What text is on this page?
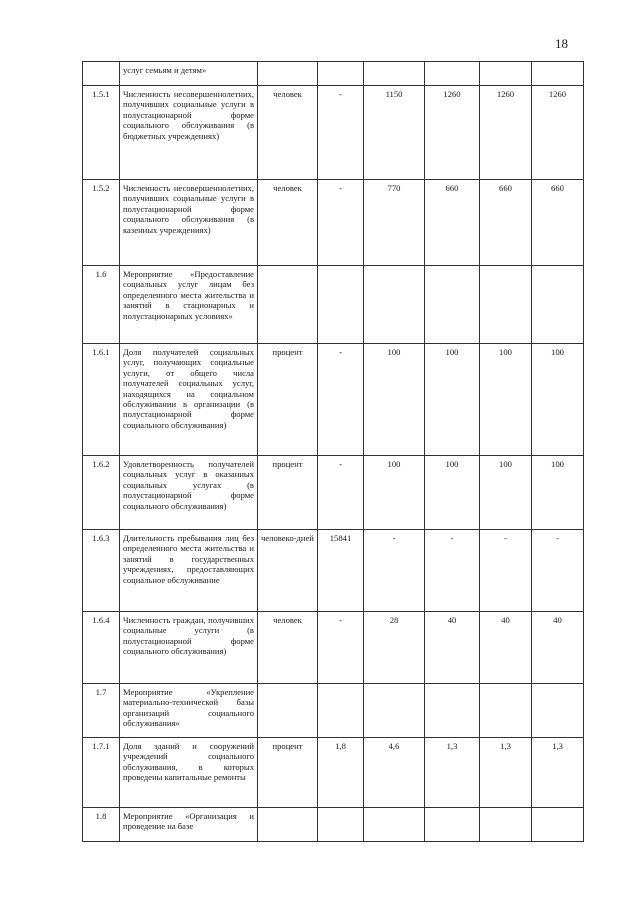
18
	услуг семьям и детям»						
1.5.1	Численность несовершеннолетних, получивших социальные услуги в полустационарной форме социального обслуживания (в бюджетных учреждениях)	человек	-	1150	1260	1260	1260
1.5.2	Численность несовершеннолетних, получивших социальные услуги в полустационарной форме социального обслуживания (в казенных учреждениях)	человек	-	770	660	660	660
1.6	Мероприятие «Предоставление социальных услуг лицам без определенного места жительства и занятий в стационарных и полустационарных условиях»						
1.6.1	Доля получателей социальных услуг, получающих социальные услуги, от общего числа получателей социальных услуг, находящихся на социальном обслуживании в организации (в полустационарной форме социального обслуживания)	процент	-	100	100	100	100
1.6.2	Удовлетворенность получателей социальных услуг в оказанных социальных услугах (в полустационарной форме социального обслуживания)	процент	-	100	100	100	100
1.6.3	Длительность пребывания лиц без определенного места жительства и занятий в государственных учреждениях, предоставляющих социальное обслуживание	человеко-дней	15841	-	-	-	-
1.6.4	Численность граждан, получивших социальные услуги (в полустационарной форме социального обслуживания)	человек	-	28	40	40	40
1.7	Мероприятие «Укрепление материально-технической базы организаций социального обслуживания»						
1.7.1	Доля зданий и сооружений учреждений социального обслуживания, в которых проведены капитальные ремонты	процент	1,8	4,6	1,3	1,3	1,3
1.8	Мероприятие «Организация и проведение на базе						
